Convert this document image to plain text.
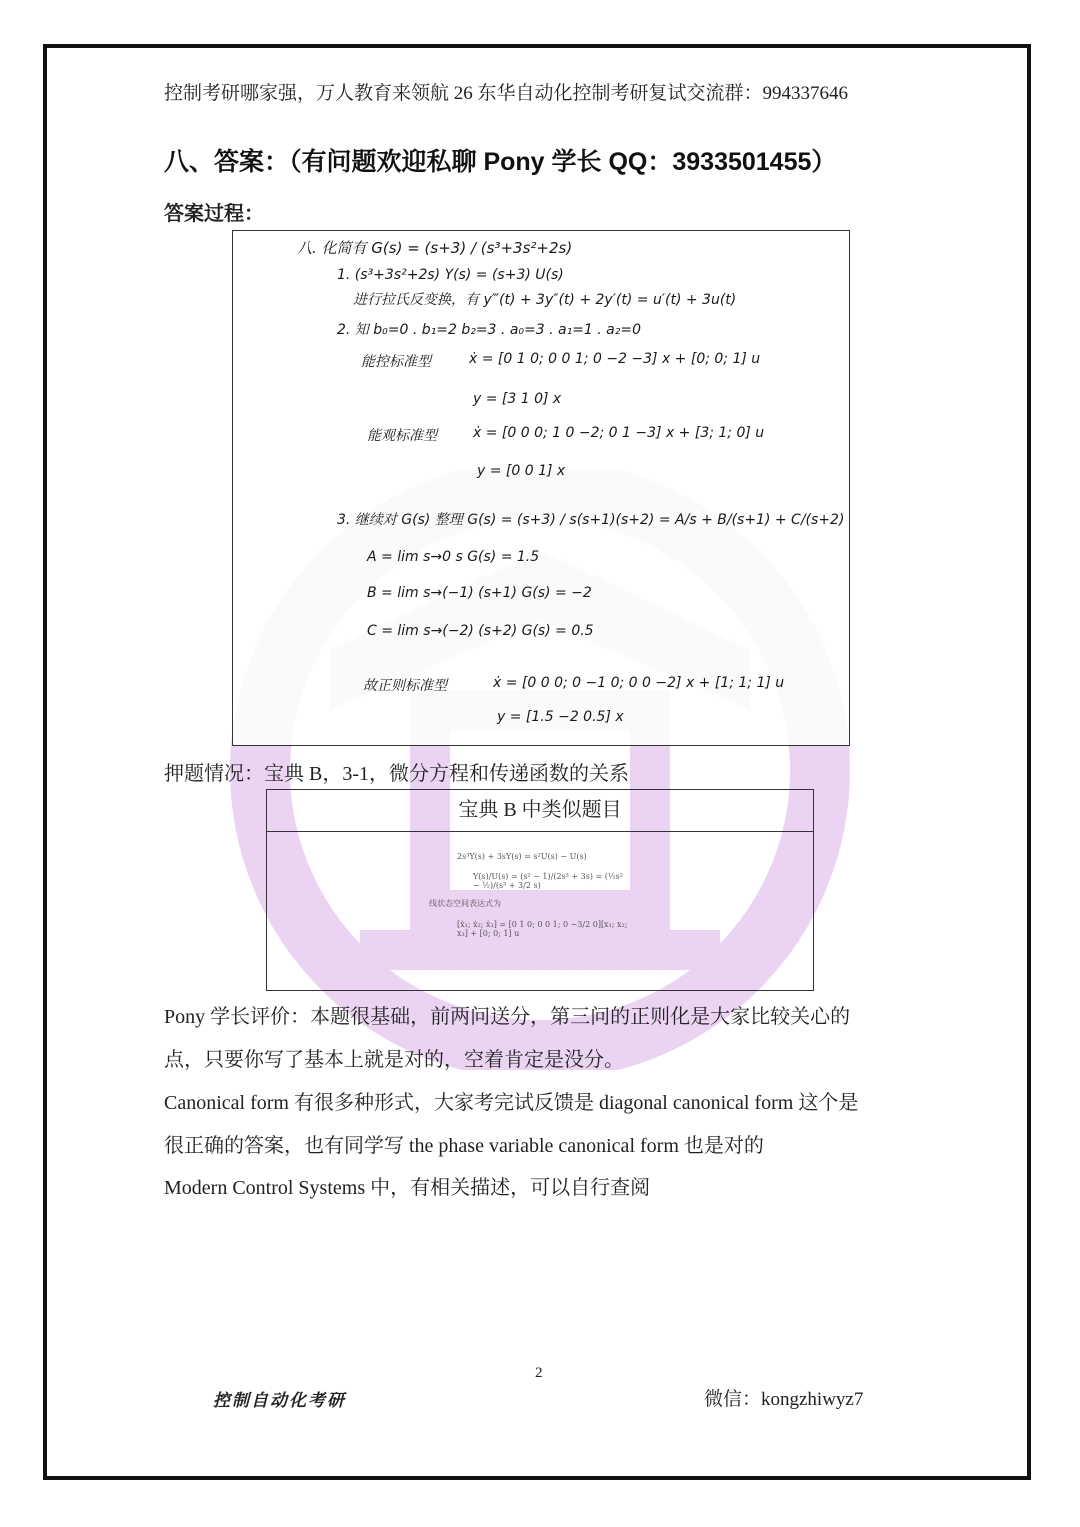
控制考研哪家强，万人教育来领航 26 东华自动化控制考研复试交流群：994337646
八、答案：（有问题欢迎私聊 Pony 学长 QQ：3933501455）
答案过程：
八. 化简有 G(s) = (s+3) / (s³+3s²+2s)
1. (s³+3s²+2s) Y(s) = (s+3) U(s)
进行拉氏反变换，有 y‴(t) + 3y″(t) + 2y′(t) = u′(t) + 3u(t)
2. 知 b₀=0 . b₁=2 b₂=3 . a₀=3 . a₁=1 . a₂=0
能控标准型	ẋ = [0 1 0; 0 0 1; 0 −2 −3] x + [0; 0; 1] u
y = [3 1 0] x
能观标准型	ẋ = [0 0 0; 1 0 −2; 0 1 −3] x + [3; 1; 0] u
y = [0 0 1] x
3. 继续对 G(s) 整理 G(s) = (s+3) / s(s+1)(s+2) = A/s + B/(s+1) + C/(s+2)
A = lim s→0 s G(s) = 1.5
B = lim s→(−1) (s+1) G(s) = −2
C = lim s→(−2) (s+2) G(s) = 0.5
故正则标准型	ẋ = [0 0 0; 0 −1 0; 0 0 −2] x + [1; 1; 1] u
y = [1.5 −2 0.5] x
押题情况：宝典 B，3-1，微分方程和传递函数的关系
宝典 B 中类似题目
2s³Y(s) + 3sY(s) = s²U(s) − U(s)
Y(s)/U(s) = (s² − 1)/(2s³ + 3s) = (½s² − ½)/(s³ + 3/2 s)
线状态空间表达式为
[ẋ₁; ẋ₂; ẋ₃] = [0 1 0; 0 0 1; 0 −3/2 0][x₁; x₂; x₃] + [0; 0; 1] u
Pony 学长评价：本题很基础，前两问送分，第三问的正则化是大家比较关心的
点，只要你写了基本上就是对的，空着肯定是没分。
Canonical form 有很多种形式，大家考完试反馈是 diagonal canonical form 这个是
很正确的答案，也有同学写 the phase variable canonical form 也是对的
Modern Control Systems 中，有相关描述，可以自行查阅
2
控制自动化考研	微信：kongzhiwyz7
